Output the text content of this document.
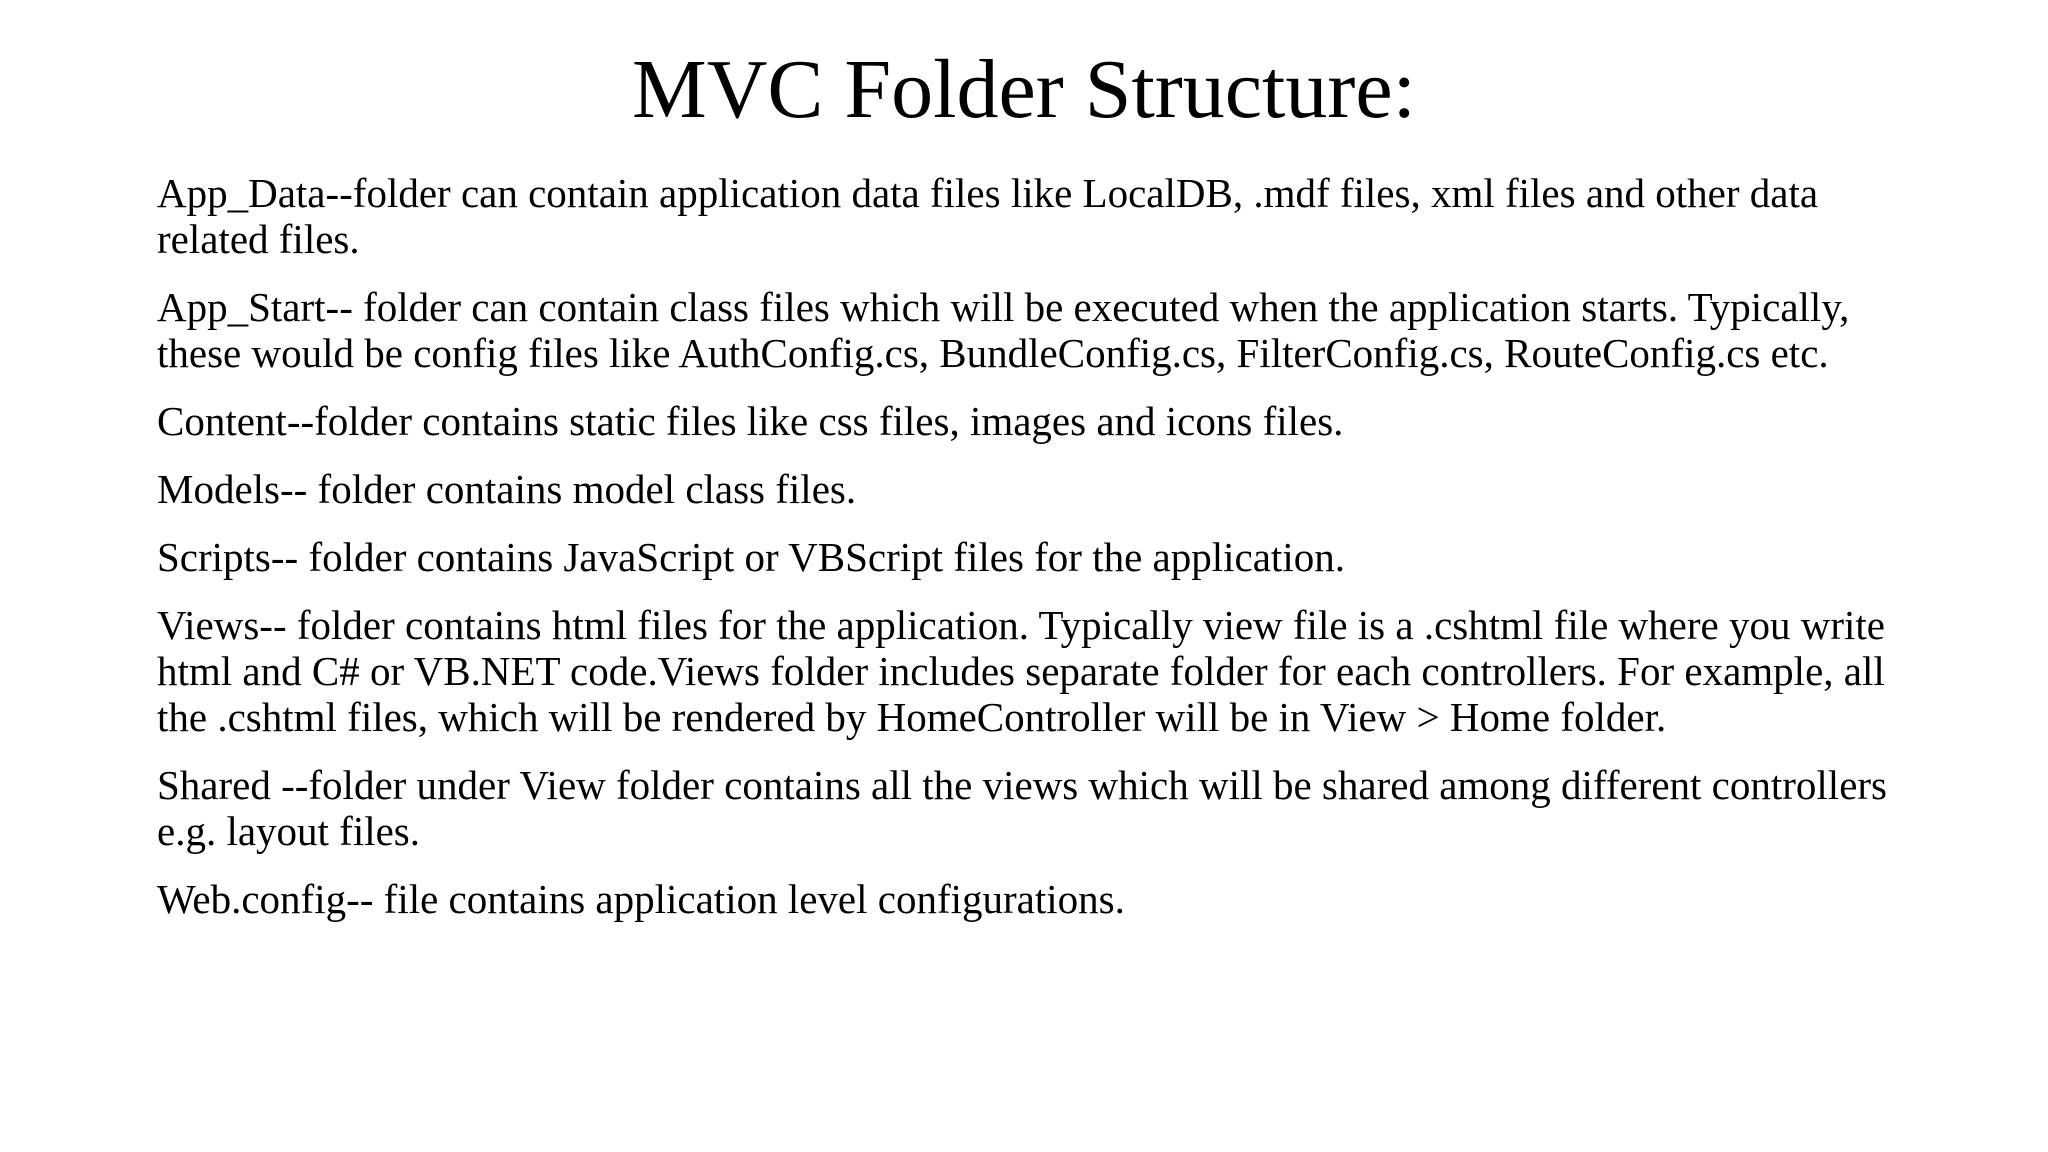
MVC Folder Structure:

App_Data--folder can contain application data files like LocalDB, .mdf files, xml files and other data related files.

App_Start-- folder can contain class files which will be executed when the application starts. Typically, these would be config files like AuthConfig.cs, BundleConfig.cs, FilterConfig.cs, RouteConfig.cs etc.

Content--folder contains static files like css files, images and icons files.

Models-- folder contains model class files.

Scripts-- folder contains JavaScript or VBScript files for the application.

Views-- folder contains html files for the application. Typically view file is a .cshtml file where you write html and C# or VB.NET code.Views folder includes separate folder for each controllers. For example, all the .cshtml files, which will be rendered by HomeController will be in View > Home folder.

Shared --folder under View folder contains all the views which will be shared among different controllers e.g. layout files.

Web.config-- file contains application level configurations.
